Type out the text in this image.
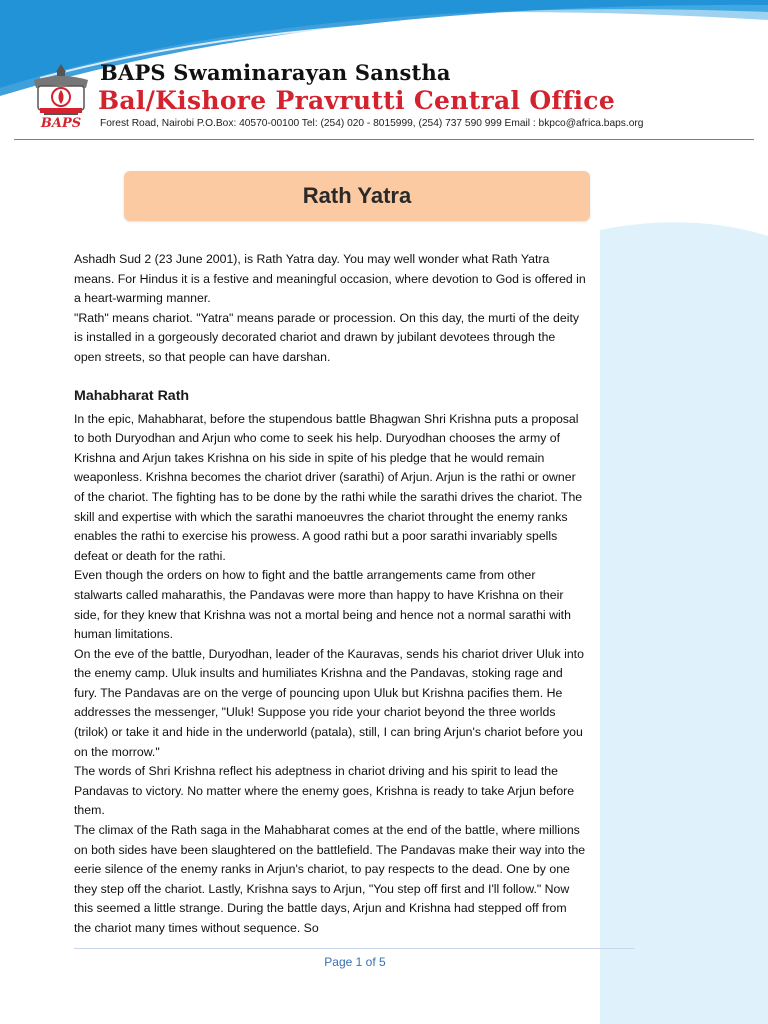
BAPS
BAPS Swaminarayan Sanstha
Bal/Kishore Pravrutti Central Office
Forest Road, Nairobi P.O.Box: 40570-00100 Tel: (254) 020 - 8015999, (254) 737 590 999 Email : bkpco@africa.baps.org
Rath Yatra

Ashadh Sud 2 (23 June 2001), is Rath Yatra day. You may well wonder what Rath Yatra means. For Hindus it is a festive and meaningful occasion, where devotion to God is offered in a heart-warming manner.

"Rath" means chariot. "Yatra" means parade or procession. On this day, the murti of the deity is installed in a gorgeously decorated chariot and drawn by jubilant devotees through the open streets, so that people can have darshan.

Mahabharat Rath

In the epic, Mahabharat, before the stupendous battle Bhagwan Shri Krishna puts a proposal to both Duryodhan and Arjun who come to seek his help. Duryodhan chooses the army of Krishna and Arjun takes Krishna on his side in spite of his pledge that he would remain weaponless. Krishna becomes the chariot driver (sarathi) of Arjun. Arjun is the rathi or owner of the chariot. The fighting has to be done by the rathi while the sarathi drives the chariot. The skill and expertise with which the sarathi manoeuvres the chariot throught the enemy ranks enables the rathi to exercise his prowess. A good rathi but a poor sarathi invariably spells defeat or death for the rathi.

Even though the orders on how to fight and the battle arrangements came from other stalwarts called maharathis, the Pandavas were more than happy to have Krishna on their side, for they knew that Krishna was not a mortal being and hence not a normal sarathi with human limitations.

On the eve of the battle, Duryodhan, leader of the Kauravas, sends his chariot driver Uluk into the enemy camp. Uluk insults and humiliates Krishna and the Pandavas, stoking rage and fury. The Pandavas are on the verge of pouncing upon Uluk but Krishna pacifies them. He addresses the messenger, "Uluk! Suppose you ride your chariot beyond the three worlds (trilok) or take it and hide in the underworld (patala), still, I can bring Arjun's chariot before you on the morrow."

The words of Shri Krishna reflect his adeptness in chariot driving and his spirit to lead the Pandavas to victory. No matter where the enemy goes, Krishna is ready to take Arjun before them.

The climax of the Rath saga in the Mahabharat comes at the end of the battle, where millions on both sides have been slaughtered on the battlefield. The Pandavas make their way into the eerie silence of the enemy ranks in Arjun's chariot, to pay respects to the dead. One by one they step off the chariot. Lastly, Krishna says to Arjun, "You step off first and I'll follow." Now this seemed a little strange. During the battle days, Arjun and Krishna had stepped off from the chariot many times without sequence. So

Page 1 of 5
